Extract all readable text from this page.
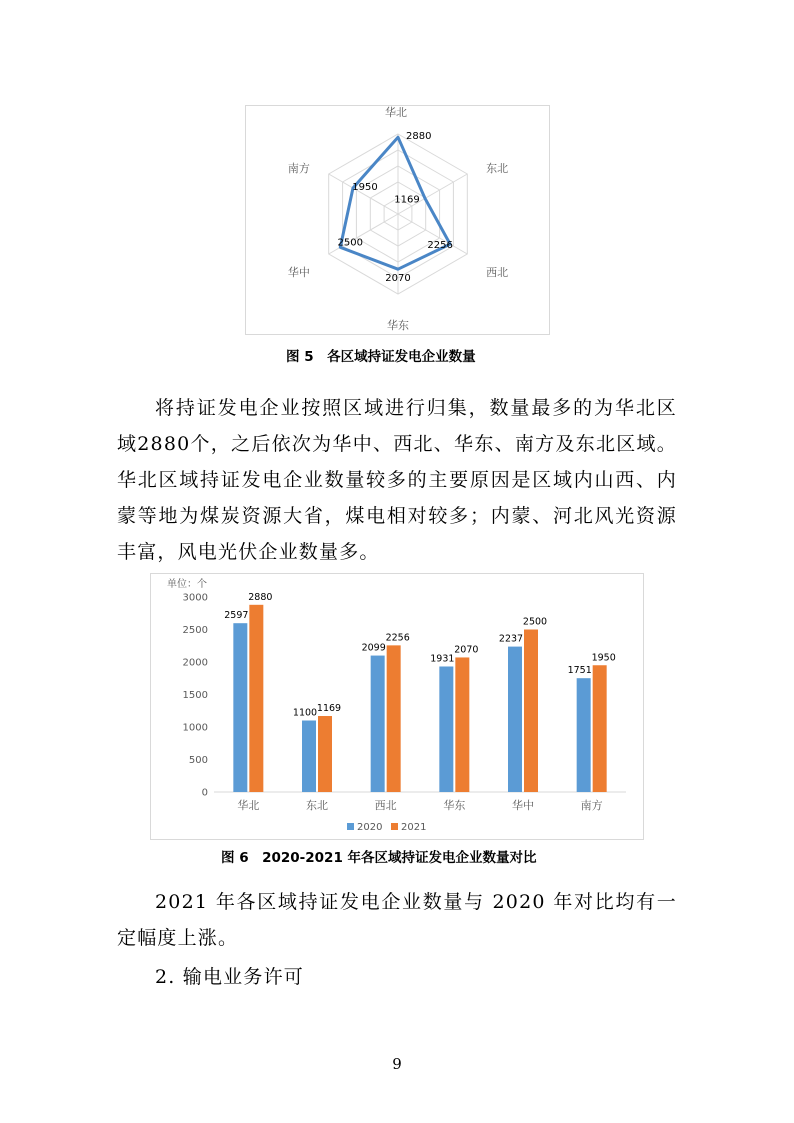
2880
1169
2256
2070
2500
1950
华北
东北
西北
华东
华中
南方
图 5　各区域持证发电企业数量
将持证发电企业按照区域进行归集，数量最多的为华北区域2880个，之后依次为华中、西北、华东、南方及东北区域。华北区域持证发电企业数量较多的主要原因是区域内山西、内蒙等地为煤炭资源大省，煤电相对较多；内蒙、河北风光资源丰富，风电光伏企业数量多。
单位：个
0
500
1000
1500
2000
2500
3000
2597
2880
华北
1100 1169
东北
2099
2256
西北
1931
2070
华东
2237
2500
华中
1751
1950
南方
2020 2021
图 6　2020-2021 年各区域持证发电企业数量对比
2021 年各区域持证发电企业数量与 2020 年对比均有一定幅度上涨。
2. 输电业务许可
9
